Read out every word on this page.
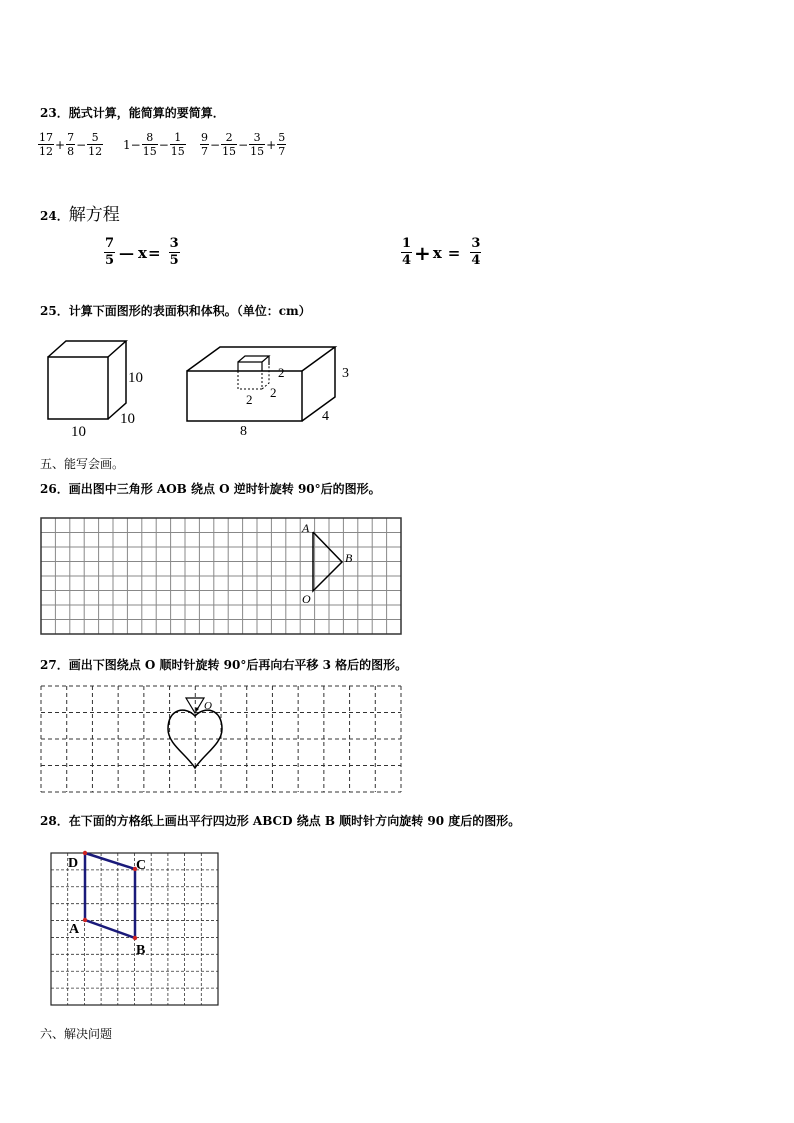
23．脱式计算，能简算的要简算．
$\frac{17}{12} + \frac{7}{8} - \frac{5}{12} 1- \frac{8}{15} - \frac{1}{15} \frac{9}{7} - \frac{2}{15} - \frac{3}{15} + \frac{5}{7}$
24． 解方程
$\frac{7}{5}$ — $x = \frac{3}{5}$	$\frac{1}{4} + x = \frac{3}{4}$
25．计算下面图形的表面积和体积。（单位：cm）
10
10
10
3
4
8
2
2 2
五、能写会画。
26．画出图中三角形 AOB 绕点 O 逆时针旋转 90°后的图形。
A
B
O
27．画出下图绕点 O 顺时针旋转 90°后再向右平移 3 格后的图形。
O
28．在下面的方格纸上画出平行四边形 ABCD 绕点 B 顺时针方向旋转 90 度后的图形。
D	C
A
B
六、解决问题
